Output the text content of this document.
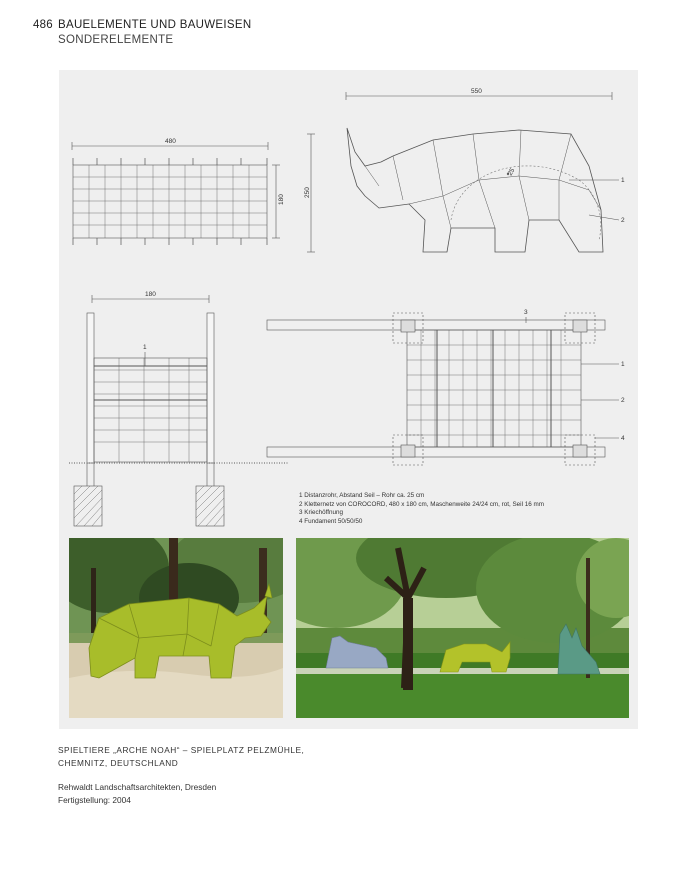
486 BAUELEMENTE UND BAUWEISEN
SONDERELEMENTE
480
180
550
250
25
1
2
180
1
3
1
2
4
1 Distanzrohr, Abstand Seil – Rohr ca. 25 cm
2 Kletternetz von COROCORD, 480 x 180 cm, Maschenweite 24/24 cm, rot, Seil 16 mm
3 Kriechöffnung
4 Fundament 50/50/50
SPIELTIERE „ARCHE NOAH“ – SPIELPLATZ PELZMÜHLE,
CHEMNITZ, DEUTSCHLAND
Rehwaldt Landschaftsarchitekten, Dresden
Fertigstellung: 2004
